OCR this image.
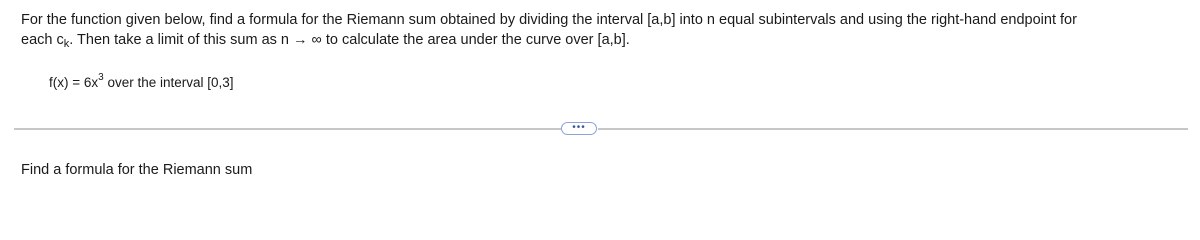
For the function given below, find a formula for the Riemann sum obtained by dividing the interval [a,b] into n equal subintervals and using the right-hand endpoint for
each $c_k$. Then take a limit of this sum as n → ∞ to calculate the area under the curve over [a,b].
$f(x) = 6x^3$ over the interval [0,3]
•••
Find a formula for the Riemann sum
